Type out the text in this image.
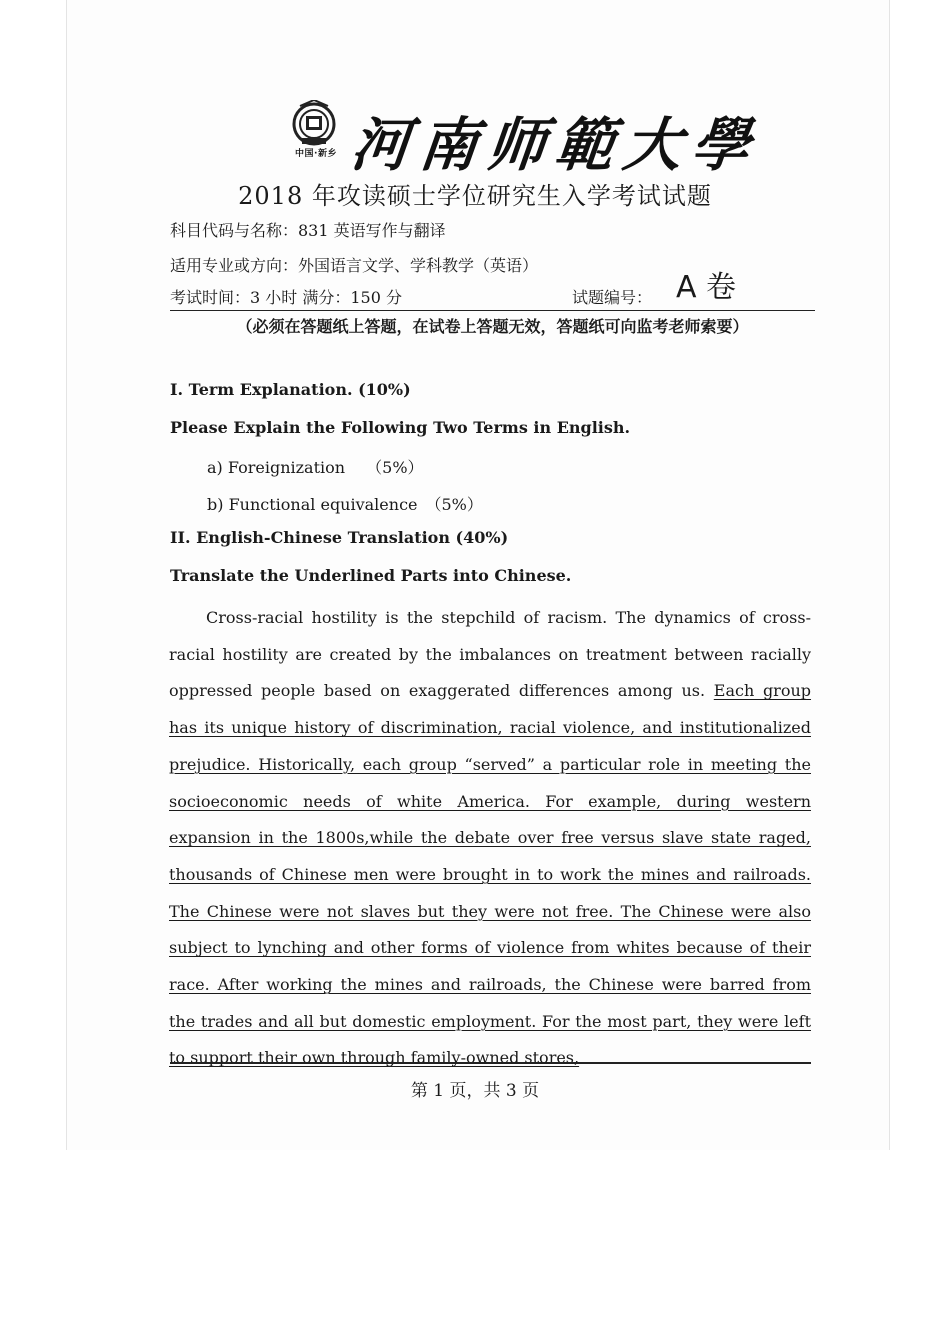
中国·新乡 河南师範大學
2018 年攻读硕士学位研究生入学考试试题
科目代码与名称：831 英语写作与翻译
适用专业或方向：外国语言文学、学科教学（英语）
考试时间：3 小时 满分：150 分	试题编号： A 卷
（必须在答题纸上答题，在试卷上答题无效，答题纸可向监考老师索要）
I. Term Explanation. (10%)
Please Explain the Following Two Terms in English.
a) Foreignization　 （5%）
b) Functional equivalence　（5%）
II. English-Chinese Translation (40%)
Translate the Underlined Parts into Chinese.
Cross-racial hostility is the stepchild of racism. The dynamics of cross-racial hostility are created by the imbalances on treatment between racially oppressed people based on exaggerated differences among us. Each group has its unique history of discrimination, racial violence, and institutionalized prejudice. Historically, each group “served” a particular role in meeting the socioeconomic needs of white America. For example, during western expansion in the 1800s,while the debate over free versus slave state raged, thousands of Chinese men were brought in to work the mines and railroads. The Chinese were not slaves but they were not free. The Chinese were also subject to lynching and other forms of violence from whites because of their race. After working the mines and railroads, the Chinese were barred from the trades and all but domestic employment. For the most part, they were left to support their own through family-owned stores,
第 1 页，共 3 页
